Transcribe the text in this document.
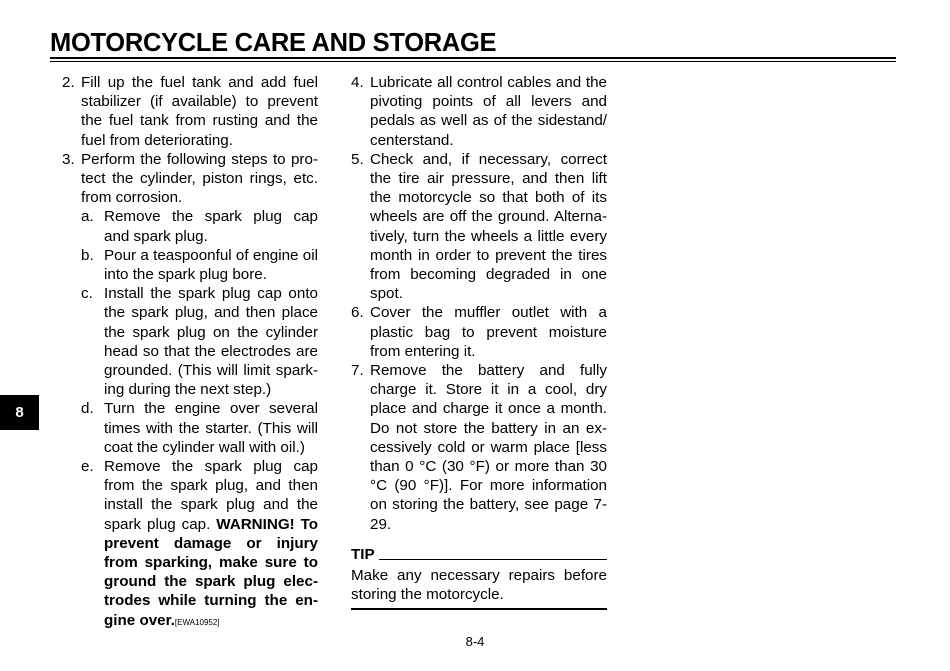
MOTORCYCLE CARE AND STORAGE
2. Fill up the fuel tank and add fuel stabilizer (if available) to prevent the fuel tank from rusting and the fuel from deteriorating.
3. Perform the following steps to protect the cylinder, piston rings, etc. from corrosion.
a. Remove the spark plug cap and spark plug.
b. Pour a teaspoonful of engine oil into the spark plug bore.
c. Install the spark plug cap onto the spark plug, and then place the spark plug on the cylinder head so that the electrodes are grounded. (This will limit sparking during the next step.)
d. Turn the engine over several times with the starter. (This will coat the cylinder wall with oil.)
e. Remove the spark plug cap from the spark plug, and then install the spark plug and the spark plug cap. WARNING! To prevent damage or injury from sparking, make sure to ground the spark plug electrodes while turning the engine over.[EWA10952]
4. Lubricate all control cables and the pivoting points of all levers and pedals as well as of the sidestand/​centerstand.
5. Check and, if necessary, correct the tire air pressure, and then lift the motorcycle so that both of its wheels are off the ground. Alternatively, turn the wheels a little every month in order to prevent the tires from becoming degraded in one spot.
6. Cover the muffler outlet with a plastic bag to prevent moisture from entering it.
7. Remove the battery and fully charge it. Store it in a cool, dry place and charge it once a month. Do not store the battery in an excessively cold or warm place [less than 0 °C (30 °F) or more than 30 °C (90 °F)]. For more information on storing the battery, see page 7-29.
TIP
Make any necessary repairs before storing the motorcycle.
8
8-4
